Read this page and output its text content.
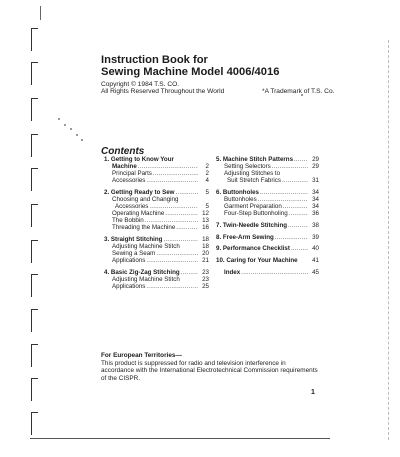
Instruction Book for
Sewing Machine Model 4006/4016

Copyright © 1984 T.S. CO.

All Rights Reserved Throughout the World	*A Trademark of T.S. Co.

Contents
1. Getting to Know Your
Machine .....	2
Principal Parts .....	2
Accessories .....	4
2. Getting Ready to Sew .....	5
Choosing and Changing
Accessories .....	5
Operating Machine .....	12
The Bobbin .....	13
Threading the Machine .....	16
3. Straight Stitching .....	18
Adjusting Machine Stitch	18
Sewing a Seam .....	20
Applications .....	21
4. Basic Zig-Zag Stitching .....	23
Adjusting Machine Stitch	23
Applications .....	25
5. Machine Stitch Patterns .....	29
Setting Selectors .....	29
Adjusting Stitches to
Suit Stretch Fabrics .....	31
6. Buttonholes .....	34
Buttonholes .....	34
Garment Preparation .....	34
Four-Step Buttonholing .....	36
7. Twin-Needle Stitching .....	38
8. Free-Arm Sewing .....	39
9. Performance Checklist .....	40
10. Caring for Your Machine	41
Index .....	45
For European Territories—
This product is suppressed for radio and television interference in accordance with the International Electrotechnical Commission requirements of the CISPR.
1
